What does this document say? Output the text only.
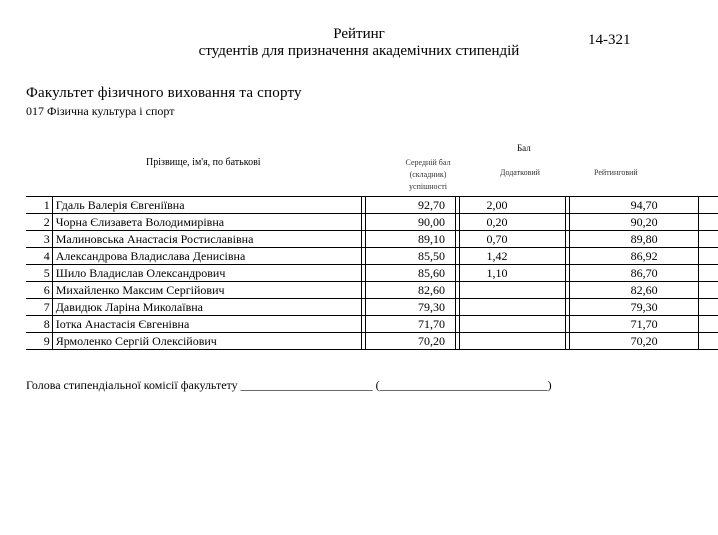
Рейтинг
студентів для призначення академічних стипендій
14-321
Факультет фізичного виховання та спорту
017 Фізична культура і спорт
Прізвище, ім'я, по батькові
Бал
Середній бал (складник) успішності
Додатковий	Рейтинговий
1	Гдаль Валерія Євгеніївна		92,70		2,00		94,70	
2	Чорна Єлизавета Володимирівна		90,00		0,20		90,20	
3	Малиновська Анастасія Ростиславівна		89,10		0,70		89,80	
4	Александрова Владислава Денисівна		85,50		1,42		86,92	
5	Шило Владислав Олександрович		85,60		1,10		86,70	
6	Михайленко Максим Сергійович		82,60				82,60	
7	Давидюк Ларіна Миколаївна		79,30				79,30	
8	Іотка Анастасія Євгенівна		71,70				71,70	
9	Ярмоленко Сергій Олексійович		70,20				70,20	
Голова стипендіальної комісії факультету ______________________ (____________________________)
